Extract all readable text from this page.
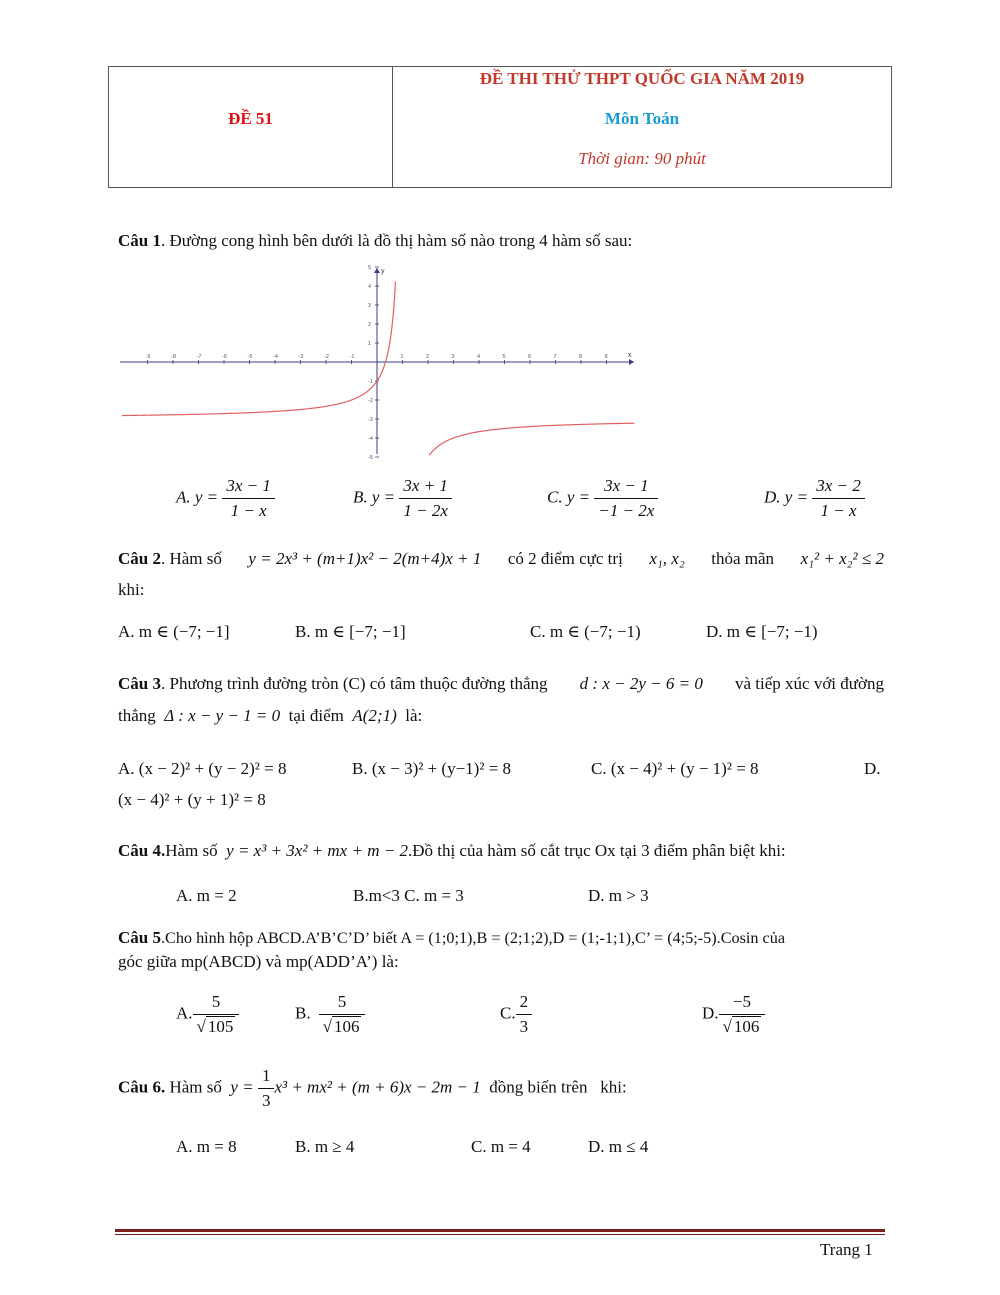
ĐỀ 51
ĐỀ THI THỬ THPT QUỐC GIA NĂM 2019
Môn Toán
Thời gian: 90 phút
Câu 1. Đường cong hình bên dưới là đồ thị hàm số nào trong 4 hàm số sau:
x
y
-9	-8	-7	-6	-5	-4	-3	-2	-1	1	2	3	4	5	6	7	8	9
5
4
3
2
1
-1
-2
-3
-4
-5
A. $y = \frac{3x - 1}{1 - x}$	B. $y = \frac{3x + 1}{1 - 2x}$	C. $y = \frac{3x - 1}{-1 - 2x}$	D. $y = \frac{3x - 2}{1 - x}$
Câu 2. Hàm số y = 2x³ + (m+1)x² − 2(m+4)x + 1 có 2 điểm cực trị x₁, x₂ thỏa mãn x₁² + x₂² ≤ 2
khi:
A. m ∈ (−7; −1]	B. m ∈ [−7; −1]	C. m ∈ (−7; −1)	D. m ∈ [−7; −1)
Câu 3. Phương trình đường tròn (C) có tâm thuộc đường thẳng d : x − 2y − 6 = 0 và tiếp xúc với đường
thẳng Δ : x − y − 1 = 0 tại điểm A(2;1) là:
A. (x − 2)² + (y − 2)² = 8	B. (x − 3)² + (y−1)² = 8	C. (x − 4)² + (y − 1)² = 8	D.
(x − 4)² + (y + 1)² = 8
Câu 4.Hàm số y = x³ + 3x² + mx + m − 2.Đồ thị của hàm số cắt trục Ox tại 3 điểm phân biệt khi:
A. m = 2	B.m<3 C. m = 3	D. m > 3
Câu 5.Cho hình hộp ABCD.A’B’C’D’ biết A = (1;0;1),B = (2;1;2),D = (1;-1;1),C’ = (4;5;-5).Cosin của
góc giữa mp(ABCD) và mp(ADD’A’) là:
A. $\frac{5}{√ 105}$	B. $\frac{5}{√ 106}$	C. $\frac{2}{3}$	D. $\frac{-5}{√ 106}$
Câu 6. Hàm số $y = \frac{1}{3} x^3 + mx^2 + (m + 6)x - 2m - 1$ đồng biến trên khi:
A. m = 8	B. m ≥ 4	C. m = 4	D. m ≤ 4
Trang 1
